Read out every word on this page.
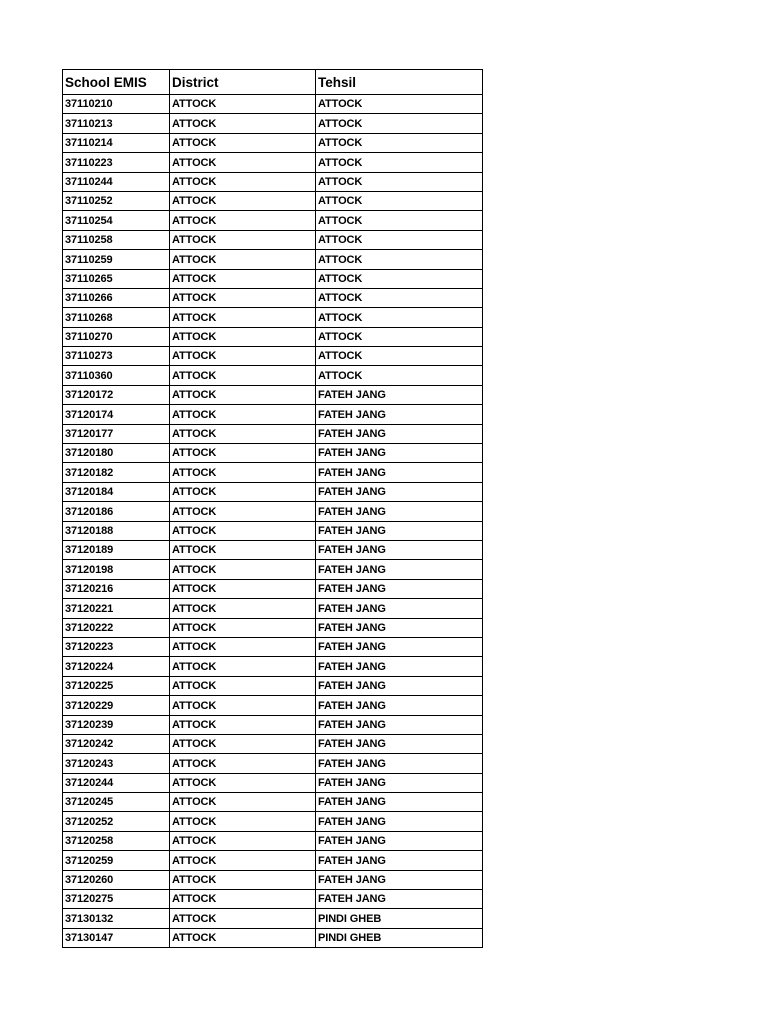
School EMIS	District	Tehsil
37110210	ATTOCK	ATTOCK
37110213	ATTOCK	ATTOCK
37110214	ATTOCK	ATTOCK
37110223	ATTOCK	ATTOCK
37110244	ATTOCK	ATTOCK
37110252	ATTOCK	ATTOCK
37110254	ATTOCK	ATTOCK
37110258	ATTOCK	ATTOCK
37110259	ATTOCK	ATTOCK
37110265	ATTOCK	ATTOCK
37110266	ATTOCK	ATTOCK
37110268	ATTOCK	ATTOCK
37110270	ATTOCK	ATTOCK
37110273	ATTOCK	ATTOCK
37110360	ATTOCK	ATTOCK
37120172	ATTOCK	FATEH JANG
37120174	ATTOCK	FATEH JANG
37120177	ATTOCK	FATEH JANG
37120180	ATTOCK	FATEH JANG
37120182	ATTOCK	FATEH JANG
37120184	ATTOCK	FATEH JANG
37120186	ATTOCK	FATEH JANG
37120188	ATTOCK	FATEH JANG
37120189	ATTOCK	FATEH JANG
37120198	ATTOCK	FATEH JANG
37120216	ATTOCK	FATEH JANG
37120221	ATTOCK	FATEH JANG
37120222	ATTOCK	FATEH JANG
37120223	ATTOCK	FATEH JANG
37120224	ATTOCK	FATEH JANG
37120225	ATTOCK	FATEH JANG
37120229	ATTOCK	FATEH JANG
37120239	ATTOCK	FATEH JANG
37120242	ATTOCK	FATEH JANG
37120243	ATTOCK	FATEH JANG
37120244	ATTOCK	FATEH JANG
37120245	ATTOCK	FATEH JANG
37120252	ATTOCK	FATEH JANG
37120258	ATTOCK	FATEH JANG
37120259	ATTOCK	FATEH JANG
37120260	ATTOCK	FATEH JANG
37120275	ATTOCK	FATEH JANG
37130132	ATTOCK	PINDI GHEB
37130147	ATTOCK	PINDI GHEB
